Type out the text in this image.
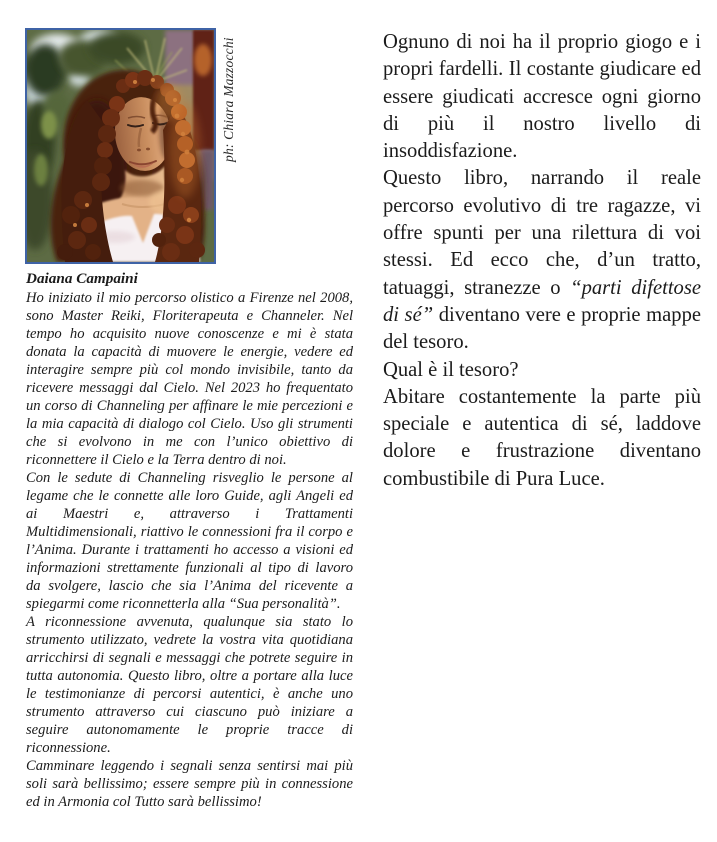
ph: Chiara Mazzocchi
Daiana Campaini

Ho iniziato il mio percorso olistico a Firenze nel 2008, sono Master Reiki, Floriterapeuta e Channeler. Nel tempo ho acquisito nuove conoscenze e mi è stata donata la capacità di muovere le energie, vedere ed interagire sempre più col mondo invisibile, tanto da ricevere messaggi dal Cielo. Nel 2023 ho frequentato un corso di Channeling per affinare le mie percezioni e la mia capacità di dialogo col Cielo. Uso gli strumenti che si evolvono in me con l’unico obiettivo di riconnettere il Cielo e la Terra dentro di noi.

Con le sedute di Channeling risveglio le persone al legame che le connette alle loro Guide, agli Angeli ed ai Maestri e, attraverso i Trattamenti Multidimensionali, riattivo le connessioni fra il corpo e l’Anima. Durante i trattamenti ho accesso a visioni ed informazioni strettamente funzionali al tipo di lavoro da svolgere, lascio che sia l’Anima del ricevente a spiegarmi come riconnetterla alla “Sua personalità”.

A riconnessione avvenuta, qualunque sia stato lo strumento utilizzato, vedrete la vostra vita quotidiana arricchirsi di segnali e messaggi che potrete seguire in tutta autonomia. Questo libro, oltre a portare alla luce le testimonianze di percorsi autentici, è anche uno strumento attraverso cui ciascuno può iniziare a seguire autonomamente le proprie tracce di riconnessione.

Camminare leggendo i segnali senza sentirsi mai più soli sarà bellissimo; essere sempre più in connessione ed in Armonia col Tutto sarà bellissimo!

Ognuno di noi ha il proprio giogo e i propri fardelli. Il costante giudicare ed essere giudicati accresce ogni giorno di più il nostro livello di insoddisfazione.

Questo libro, narrando il reale percorso evolutivo di tre ragazze, vi offre spunti per una rilettura di voi stessi. Ed ecco che, d’un tratto, tatuaggi, stranezze o “parti difettose di sé” diventano vere e proprie mappe del tesoro.

Qual è il tesoro?

Abitare costantemente la parte più speciale e autentica di sé, laddove dolore e frustrazione diventano combustibile di Pura Luce.
